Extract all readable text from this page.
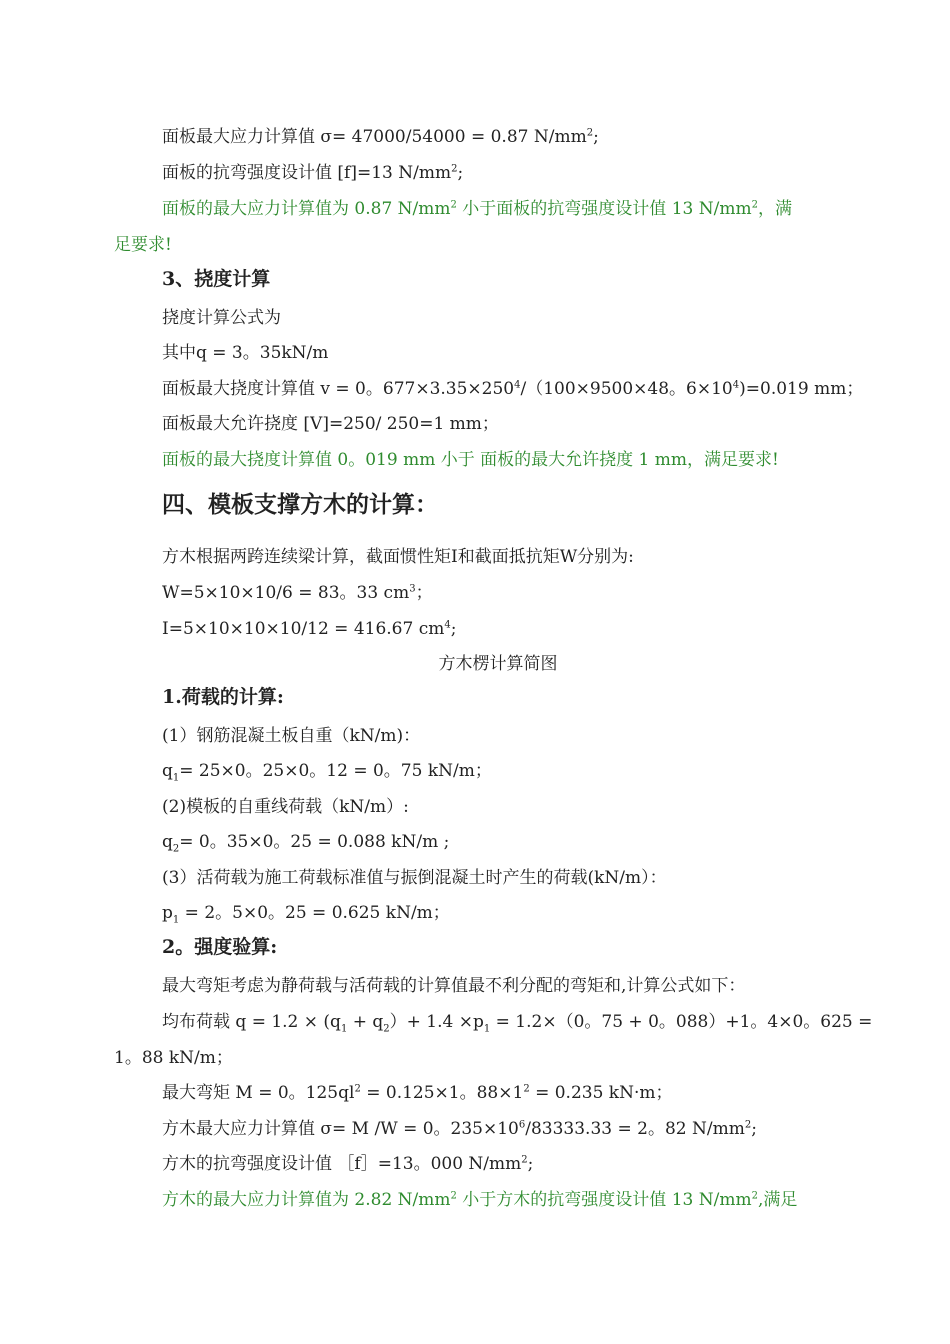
面板最大应力计算值 σ= 47000/54000 = 0.87 $N/mm^2$;
面板的抗弯强度设计值 [f]=13 $N/mm^2$;
面板的最大应力计算值为 0.87 $N/mm^2$ 小于面板的抗弯强度设计值 13 $N/mm^2$，满
足要求!
3、挠度计算
挠度计算公式为
其中q = 3。35kN/m
面板最大挠度计算值 v = 0。$677\times 3.35\times 250^4/(100\times 9500\times 48$。$6\times 10^4)=0.019$ mm；
面板最大允许挠度 [V]=250/ 250=1 mm；
面板的最大挠度计算值 0。019 mm 小于 面板的最大允许挠度 1 mm，满足要求!
四、模板支撑方木的计算：
方木根据两跨连续梁计算，截面惯性矩I和截面抵抗矩W分别为:
W=5×10×10/6 = 83。33 $cm^3$；
I=5×10×10×10/12 = 416.67 $cm^4$;
方木楞计算简图
1.荷载的计算:
(1）钢筋混凝土板自重（kN/m)：
$q_1= 25\times 0$。25×0。12 = 0。75 kN/m；
(2)模板的自重线荷载（kN/m）:
$q_2= 0$。35×0。25 = 0.088 kN/m ;
(3）活荷载为施工荷载标准值与振倒混凝土时产生的荷载(kN/m）：
$p_1 = 2$。5×0。25 = 0.625 kN/m；
2。强度验算:
最大弯矩考虑为静荷载与活荷载的计算值最不利分配的弯矩和,计算公式如下：
均布荷载 $q = 1.2 \times (q_1 + q_2)+ 1.4 \times p_1 = 1.2\times(0$。75 + 0。088）+1。4×0。625 =
1。88 kN/m；
最大弯矩 M = 0。$125ql^2 = 0.125\times 1$。$88\times 1^2 = 0.235$ kN·m；
方木最大应力计算值 σ= M /W = 0。$235\times 10^6/83333.33 = 2$。82 $N/mm^2$;
方木的抗弯强度设计值 ［f］=13。000 $N/mm^2$;
方木的最大应力计算值为 2.82 $N/mm^2$ 小于方木的抗弯强度设计值 13 $N/mm^2$,满足
